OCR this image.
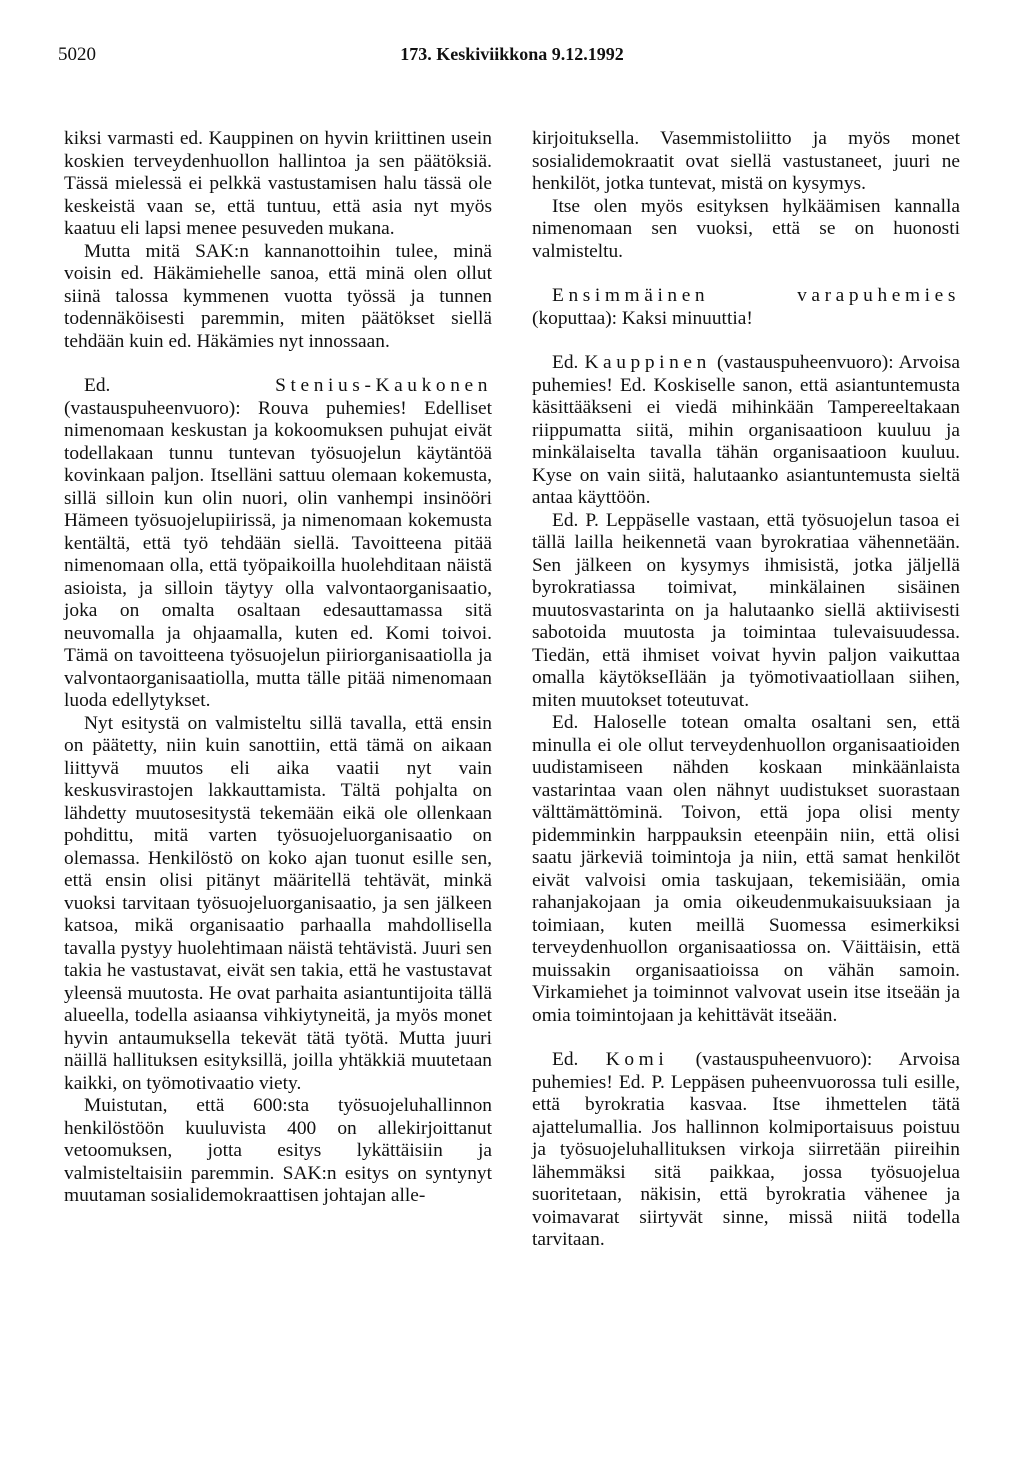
5020	173. Keskiviikkona 9.12.1992

kiksi varmasti ed. Kauppinen on hyvin kriittinen usein koskien terveydenhuollon hallintoa ja sen päätöksiä. Tässä mielessä ei pelkkä vastustamisen halu tässä ole keskeistä vaan se, että tuntuu, että asia nyt myös kaatuu eli lapsi menee pesuveden mukana.

Mutta mitä SAK:n kannanottoihin tulee, minä voisin ed. Häkämiehelle sanoa, että minä olen ollut siinä talossa kymmenen vuotta työssä ja tunnen todennäköisesti paremmin, miten päätökset siellä tehdään kuin ed. Häkämies nyt innossaan.

Ed. Stenius-Kaukonen (vastauspuheenvuoro): Rouva puhemies! Edelliset nimenomaan keskustan ja kokoomuksen puhujat eivät todellakaan tunnu tuntevan työsuojelun käytäntöä kovinkaan paljon. Itselläni sattuu olemaan kokemusta, sillä silloin kun olin nuori, olin vanhempi insinööri Hämeen työsuojelupiirissä, ja nimenomaan kokemusta kentältä, että työ tehdään siellä. Tavoitteena pitää nimenomaan olla, että työpaikoilla huolehditaan näistä asioista, ja silloin täytyy olla valvontaorganisaatio, joka on omalta osaltaan edesauttamassa sitä neuvomalla ja ohjaamalla, kuten ed. Komi toivoi. Tämä on tavoitteena työsuojelun piiriorganisaatiolla ja valvontaorganisaatiolla, mutta tälle pitää nimenomaan luoda edellytykset.

Nyt esitystä on valmisteltu sillä tavalla, että ensin on päätetty, niin kuin sanottiin, että tämä on aikaan liittyvä muutos eli aika vaatii nyt vain keskusvirastojen lakkauttamista. Tältä pohjalta on lähdetty muutosesitystä tekemään eikä ole ollenkaan pohdittu, mitä varten työsuojeluorganisaatio on olemassa. Henkilöstö on koko ajan tuonut esille sen, että ensin olisi pitänyt määritellä tehtävät, minkä vuoksi tarvitaan työsuojeluorganisaatio, ja sen jälkeen katsoa, mikä organisaatio parhaalla mahdollisella tavalla pystyy huolehtimaan näistä tehtävistä. Juuri sen takia he vastustavat, eivät sen takia, että he vastustavat yleensä muutosta. He ovat parhaita asiantuntijoita tällä alueella, todella asiaansa vihkiytyneitä, ja myös monet hyvin antaumuksella tekevät tätä työtä. Mutta juuri näillä hallituksen esityksillä, joilla yhtäkkiä muutetaan kaikki, on työmotivaatio viety.

Muistutan, että 600:sta työsuojeluhallinnon henkilöstöön kuuluvista 400 on allekirjoittanut vetoomuksen, jotta esitys lykättäisiin ja valmisteltaisiin paremmin. SAK:n esitys on syntynyt muutaman sosialidemokraattisen johtajan alle-

kirjoituksella. Vasemmistoliitto ja myös monet sosialidemokraatit ovat siellä vastustaneet, juuri ne henkilöt, jotka tuntevat, mistä on kysymys.

Itse olen myös esityksen hylkäämisen kannalla nimenomaan sen vuoksi, että se on huonosti valmisteltu.

Ensimmäinen varapuhemies (koputtaa): Kaksi minuuttia!

Ed. Kauppinen (vastauspuheenvuoro): Arvoisa puhemies! Ed. Koskiselle sanon, että asiantuntemusta käsittääkseni ei viedä mihinkään Tampereeltakaan riippumatta siitä, mihin organisaatioon kuuluu ja minkälaiselta tavalla tähän organisaatioon kuuluu. Kyse on vain siitä, halutaanko asiantuntemusta sieltä antaa käyttöön.

Ed. P. Leppäselle vastaan, että työsuojelun tasoa ei tällä lailla heikennetä vaan byrokratiaa vähennetään. Sen jälkeen on kysymys ihmisistä, jotka jäljellä byrokratiassa toimivat, minkälainen sisäinen muutosvastarinta on ja halutaanko siellä aktiivisesti sabotoida muutosta ja toimintaa tulevaisuudessa. Tiedän, että ihmiset voivat hyvin paljon vaikuttaa omalla käytökseIlään ja työmotivaatiollaan siihen, miten muutokset toteutuvat.

Ed. Haloselle totean omalta osaltani sen, että minulla ei ole ollut terveydenhuollon organisaatioiden uudistamiseen nähden koskaan minkäänlaista vastarintaa vaan olen nähnyt uudistukset suorastaan välttämättöminä. Toivon, että jopa olisi menty pidemminkin harppauksin eteenpäin niin, että olisi saatu järkeviä toimintoja ja niin, että samat henkilöt eivät valvoisi omia taskujaan, tekemisiään, omia rahanjakojaan ja omia oikeudenmukaisuuksiaan ja toimiaan, kuten meillä Suomessa esimerkiksi terveydenhuollon organisaatiossa on. Väittäisin, että muissakin organisaatioissa on vähän samoin. Virkamiehet ja toiminnot valvovat usein itse itseään ja omia toimintojaan ja kehittävät itseään.

Ed. Komi (vastauspuheenvuoro): Arvoisa puhemies! Ed. P. Leppäsen puheenvuorossa tuli esille, että byrokratia kasvaa. Itse ihmettelen tätä ajattelumallia. Jos hallinnon kolmiportaisuus poistuu ja työsuojeluhallituksen virkoja siirretään piireihin lähemmäksi sitä paikkaa, jossa työsuojelua suoritetaan, näkisin, että byrokratia vähenee ja voimavarat siirtyvät sinne, missä niitä todella tarvitaan.
